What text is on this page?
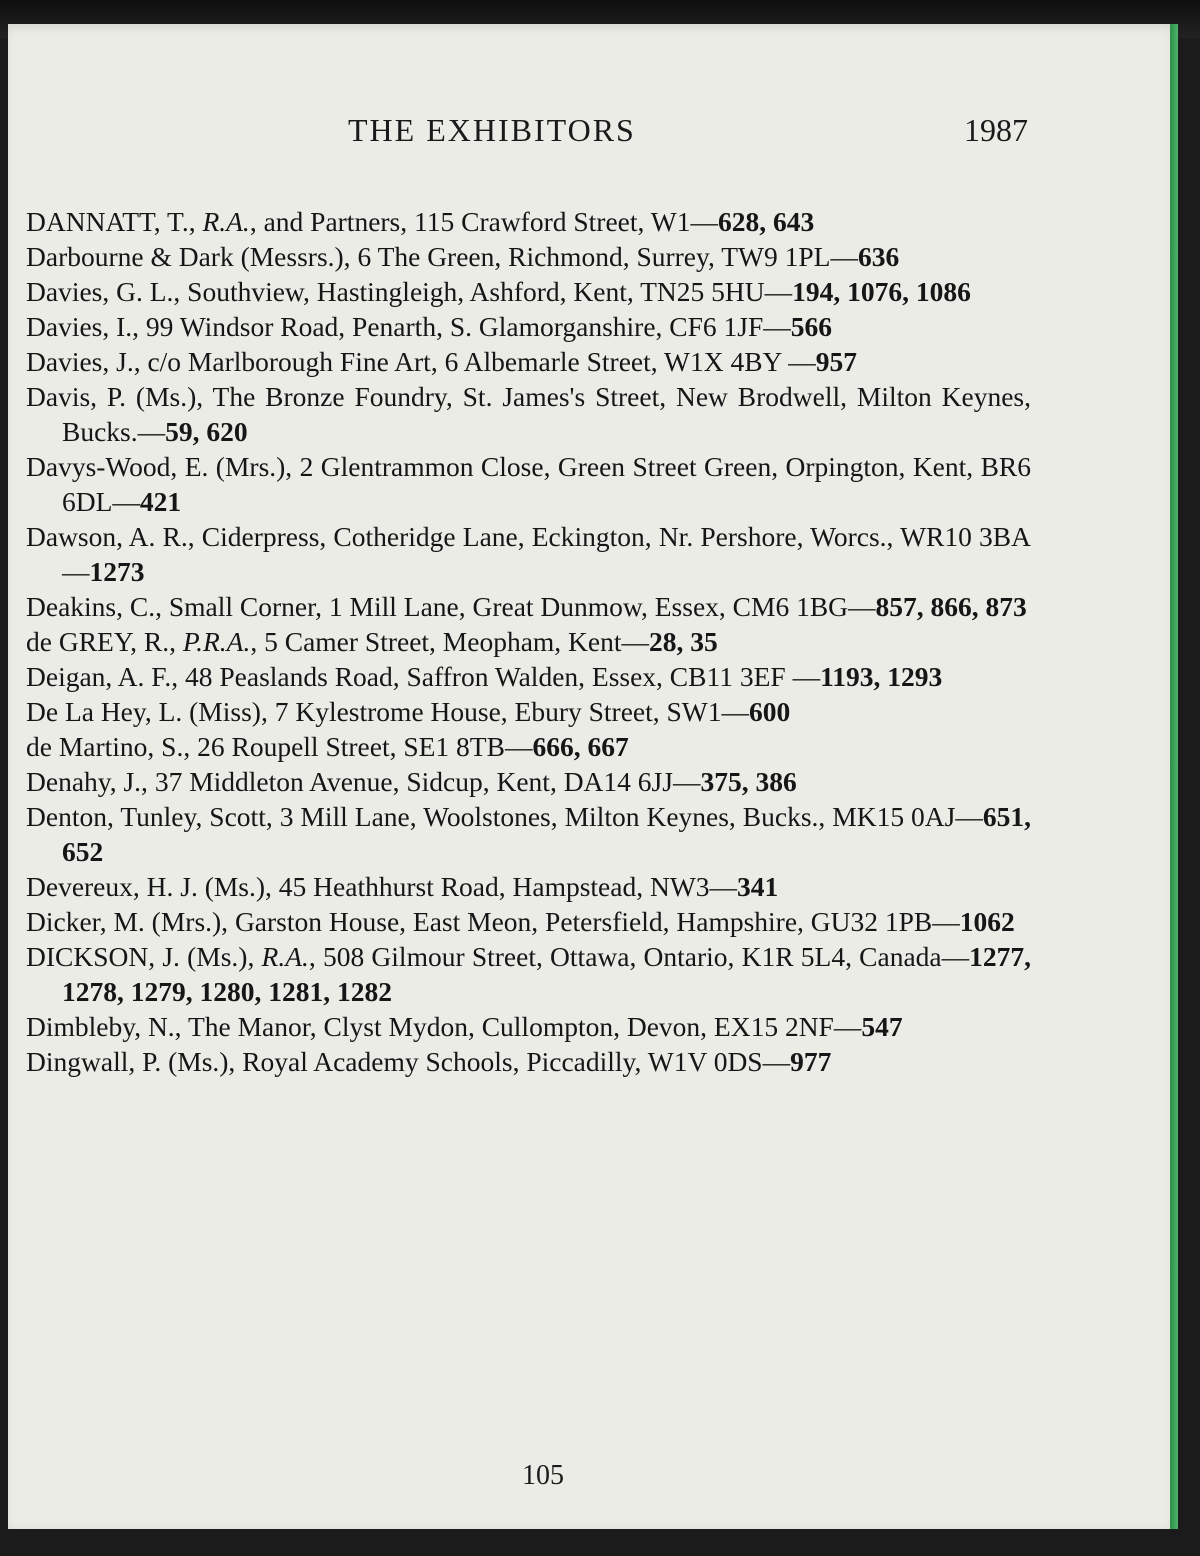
THE EXHIBITORS	1987
DANNATT, T., R.A., and Partners, 115 Crawford Street, W1—628, 643
Darbourne & Dark (Messrs.), 6 The Green, Richmond, Surrey, TW9 1PL—636
Davies, G. L., Southview, Hastingleigh, Ashford, Kent, TN25 5HU—194, 1076, 1086
Davies, I., 99 Windsor Road, Penarth, S. Glamorganshire, CF6 1JF—566
Davies, J., c/o Marlborough Fine Art, 6 Albemarle Street, W1X 4BY —957
Davis, P. (Ms.), The Bronze Foundry, St. James's Street, New Brodwell, Milton Keynes, Bucks.—59, 620
Davys-Wood, E. (Mrs.), 2 Glentrammon Close, Green Street Green, Orpington, Kent, BR6 6DL—421
Dawson, A. R., Ciderpress, Cotheridge Lane, Eckington, Nr. Pershore, Worcs., WR10 3BA—1273
Deakins, C., Small Corner, 1 Mill Lane, Great Dunmow, Essex, CM6 1BG—857, 866, 873
de GREY, R., P.R.A., 5 Camer Street, Meopham, Kent—28, 35
Deigan, A. F., 48 Peaslands Road, Saffron Walden, Essex, CB11 3EF —1193, 1293
De La Hey, L. (Miss), 7 Kylestrome House, Ebury Street, SW1—600
de Martino, S., 26 Roupell Street, SE1 8TB—666, 667
Denahy, J., 37 Middleton Avenue, Sidcup, Kent, DA14 6JJ—375, 386
Denton, Tunley, Scott, 3 Mill Lane, Woolstones, Milton Keynes, Bucks., MK15 0AJ—651, 652
Devereux, H. J. (Ms.), 45 Heathhurst Road, Hampstead, NW3—341
Dicker, M. (Mrs.), Garston House, East Meon, Petersfield, Hampshire, GU32 1PB—1062
DICKSON, J. (Ms.), R.A., 508 Gilmour Street, Ottawa, Ontario, K1R 5L4, Canada—1277, 1278, 1279, 1280, 1281, 1282
Dimbleby, N., The Manor, Clyst Mydon, Cullompton, Devon, EX15 2NF—547
Dingwall, P. (Ms.), Royal Academy Schools, Piccadilly, W1V 0DS—977
105
